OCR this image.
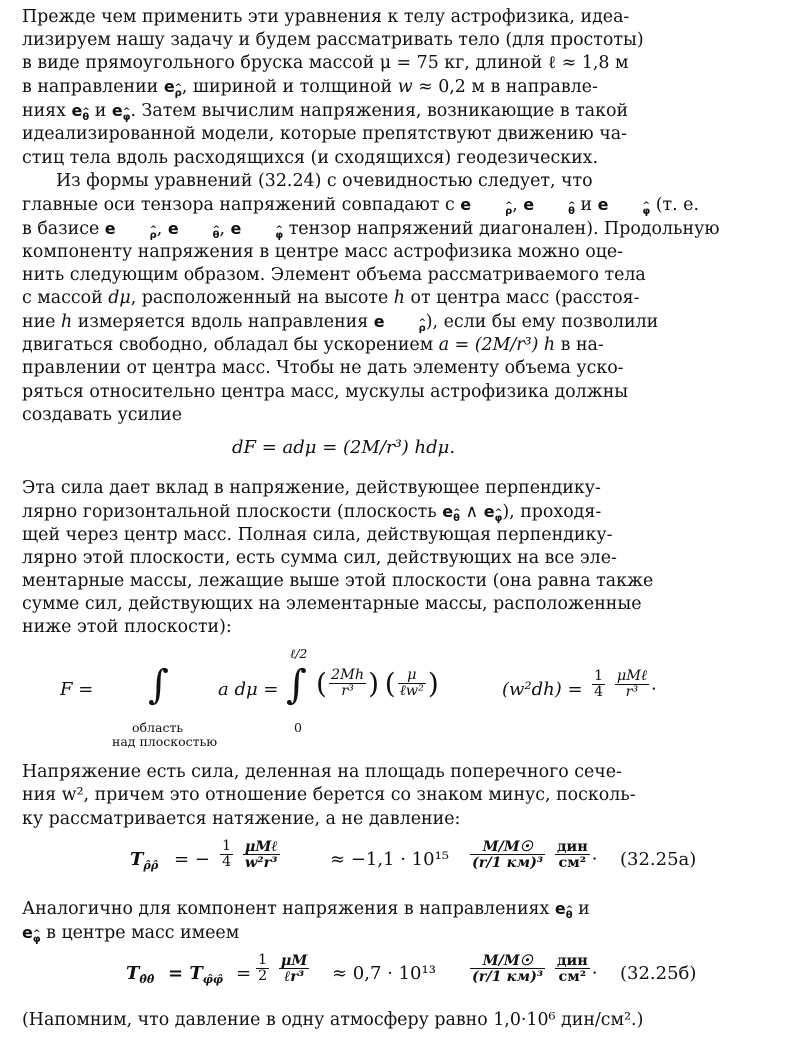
Прежде чем применить эти уравнения к телу астрофизика, идеа-
лизируем нашу задачу и будем рассматривать тело (для простоты)
в виде прямоугольного бруска массой μ = 75 кг, длиной ℓ ≈ 1,8 м
в направлении e^ ρ, шириной и толщиной w ≈ 0,2 м в направле-
ниях e^ θ и e^ φ. Затем вычислим напряжения, возникающие в такой
идеализированной модели, которые препятствуют движению ча-
стиц тела вдоль расходящихся (и сходящихся) геодезических.

Из формы уравнений (32.24) с очевидностью следует, что
главные оси тензора напряжений совпадают с e	^ ρ, e	^ θ и e	^ φ (т. е.
в базисе e	^ ρ, e	^ θ, e	^ φ тензор напряжений диагонален). Продольную
компоненту напряжения в центре масс астрофизика можно оце-
нить следующим образом. Элемент объема рассматриваемого тела
с массой dμ, расположенный на высоте h от центра масс (расстоя-
ние h измеряется вдоль направления e	^ ρ), если бы ему позволили
двигаться свободно, обладал бы ускорением a = (2M/r³) h в на-
правлении от центра масс. Чтобы не дать элементу объема уско-
ряться относительно центра масс, мускулы астрофизика должны
создавать усилие

dF = adμ = (2M/r³) hdμ.

Эта сила дает вклад в напряжение, действующее перпендику-
лярно горизонтальной плоскости (плоскость e^ θ ∧ e^ φ), проходя-
щей через центр масс. Полная сила, действующая перпендику-
лярно этой плоскости, есть сумма сил, действующих на все эле-
ментарные массы, лежащие выше этой плоскости (она равна также
сумме сил, действующих на элементарные массы, расположенные
ниже этой плоскости):

F = ∫
область
над плоскостью
a dμ =
ℓ/2
∫
0
( $\frac{2Mh}{\text{r³}}$ ) ( $\frac{\mu}{\text{ℓw²}}$ )	$(w^2dh) = \frac{1}{4}$
$\frac{\text{μMℓ}}{\text{r³}}$ .

Напряжение есть сила, деленная на площадь поперечного сече-
ния w², причем это отношение берется со знаком минус, посколь-
ку рассматривается натяжение, а не давление:

$T_{\rhô\rhô}$ = − $\frac{1}{4}$
$\frac{\text{μMℓ}}{\text{w²r³}}$	≈ $-1,1 \cdot 10^{15} \frac{M/M☉}{\text{(r/1 км)³}}$
$\frac{\text{дин}}{\text{см²}}$ . (32.25a)

Аналогично для компонент напряжения в направлениях e^ θ и
e^ φ в центре масс имеем

$T_{\thetâ\thetâ} = T_{\varphî\varphî} = \frac{1}{2}$
$\frac{\mu M}{\text{ℓr³}} \approx 0,7 \cdot 10^{13} \frac{M/M☉}{\text{(r/1 км)³}}$
$\frac{\text{дин}}{\text{см²}}$ . (32.25б)

(Напомним, что давление в одну атмосферу равно 1,0·10⁶ дин/см².)
